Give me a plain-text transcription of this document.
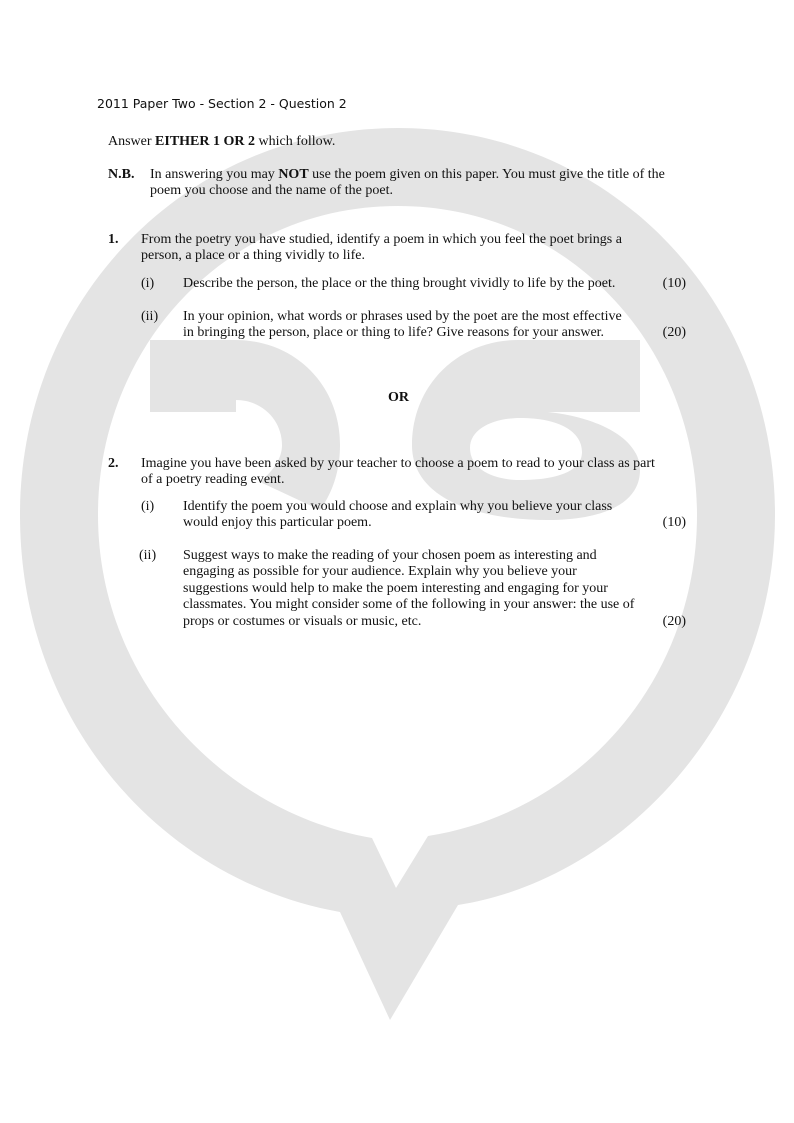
2011 Paper Two - Section 2 - Question 2
Answer EITHER 1 OR 2 which follow.
N.B. In answering you may NOT use the poem given on this paper. You must give the title of the
poem you choose and the name of the poet.
1. From the poetry you have studied, identify a poem in which you feel the poet brings a
person, a place or a thing vividly to life.
(i) Describe the person, the place or the thing brought vividly to life by the poet.	(10)
(ii) In your opinion, what words or phrases used by the poet are the most effective
in bringing the person, place or thing to life? Give reasons for your answer.	(20)
OR
2. Imagine you have been asked by your teacher to choose a poem to read to your class as part
of a poetry reading event.
(i) Identify the poem you would choose and explain why you believe your class
would enjoy this particular poem.	(10)
(ii) Suggest ways to make the reading of your chosen poem as interesting and
engaging as possible for your audience. Explain why you believe your
suggestions would help to make the poem interesting and engaging for your
classmates. You might consider some of the following in your answer: the use of
props or costumes or visuals or music, etc.	(20)
